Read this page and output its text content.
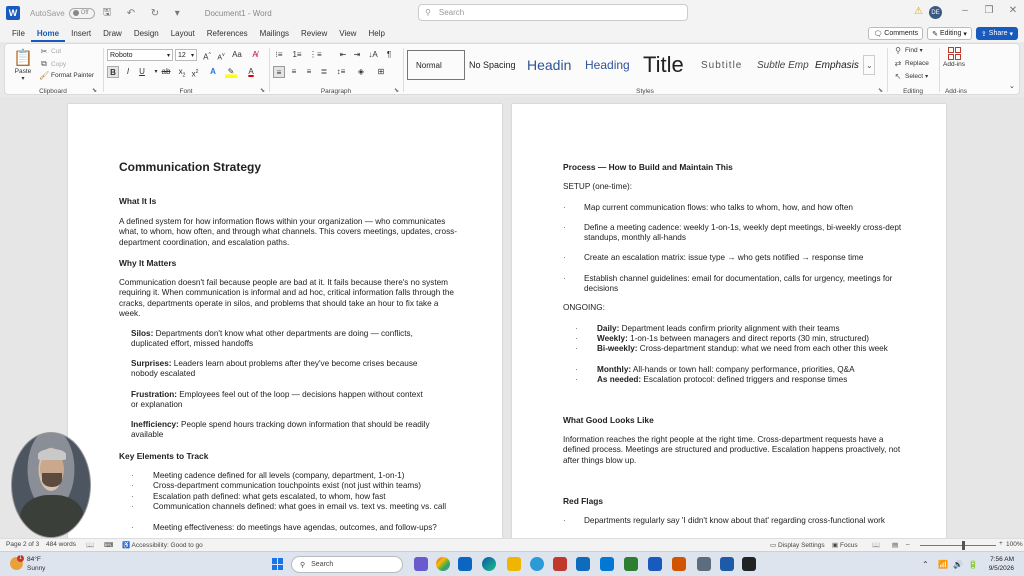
W	AutoSave	Off 🖫	↶	↻	▾	Document1 - Word	⚲ Search	⚠	DE	–	❐ ✕
File	Home	Insert	Draw	Design	Layout	References	Mailings	Review	View	Help	🗨 Comments ✎ Editing ▾ ⇪ Share ▾
📋
Paste
▾
✂ Cut
⧉ Copy
🖌 Format Painter
Clipboard	⬊
Roboto	▾ 12 ▾ A^ $A^v$ Aa	A̸
B	I	U	▾ ab	$x_2$ $x^2$	A	✎	A
Font	⬊
⁝≡ 1≡ ⋮≡	⇤ ⇥ ↓A	¶
≡	≡	≡	≣	↕≡	◈	⊞
Paragraph	⬊	Styles	⬊
Normal	No Spacing Headin	Heading Title	Subtitle	Subtle Emp Emphasis ⌄
⚲ Find ▾
⇄ Replace
↖ Select ▾
Editing
Add-ins
Add-ins
⌄
Communication Strategy
What It Is
A defined system for how information flows within your organization — who communicates what, to whom, how often, and through what channels. This covers meetings, updates, cross-department coordination, and escalation paths.
Why It Matters
Communication doesn't fail because people are bad at it. It fails because there's no system requiring it. When communication is informal and ad hoc, critical information falls through the cracks, departments operate in silos, and problems that should take an hour to fix take a week.
Silos: Departments don't know what other departments are doing — conflicts, duplicated effort, missed handoffs
Surprises: Leaders learn about problems after they've become crises because nobody escalated
Frustration: Employees feel out of the loop — decisions happen without context or explanation
Inefficiency: People spend hours tracking down information that should be readily available
Key Elements to Track
· Meeting cadence defined for all levels (company, department, 1-on-1)
· Cross-department communication touchpoints exist (not just within teams)
· Escalation path defined: what gets escalated, to whom, how fast
· Communication channels defined: what goes in email vs. text vs. meeting vs. call
· Meeting effectiveness: do meetings have agendas, outcomes, and follow-ups?
Process — How to Build and Maintain This
SETUP (one-time):
· Map current communication flows: who talks to whom, how, and how often
· Define a meeting cadence: weekly 1-on-1s, weekly dept meetings, bi-weekly cross-dept standups, monthly all-hands
· Create an escalation matrix: issue type → who gets notified → response time
· Establish channel guidelines: email for documentation, calls for urgency, meetings for decisions
ONGOING:
· Daily: Department leads confirm priority alignment with their teams
· Weekly: 1-on-1s between managers and direct reports (30 min, structured)
· Bi-weekly: Cross-department standup: what we need from each other this week
· Monthly: All-hands or town hall: company performance, priorities, Q&A
· As needed: Escalation protocol: defined triggers and response times
What Good Looks Like
Information reaches the right people at the right time. Cross-department requests have a defined process. Meetings are structured and productive. Escalation happens proactively, not after things blow up.
Red Flags
· Departments regularly say 'I didn't know about that' regarding cross-functional work
Page 2 of 3 484 words 📖 ⌨ ♿ Accessibility: Good to go	▭ Display Settings ▣ Focus 📖 ▤ –	+ 100%
1 84°F
Sunny	⚲ Search	⌃ 📶 🔊 🔋
7:56 AM
9/5/2026
